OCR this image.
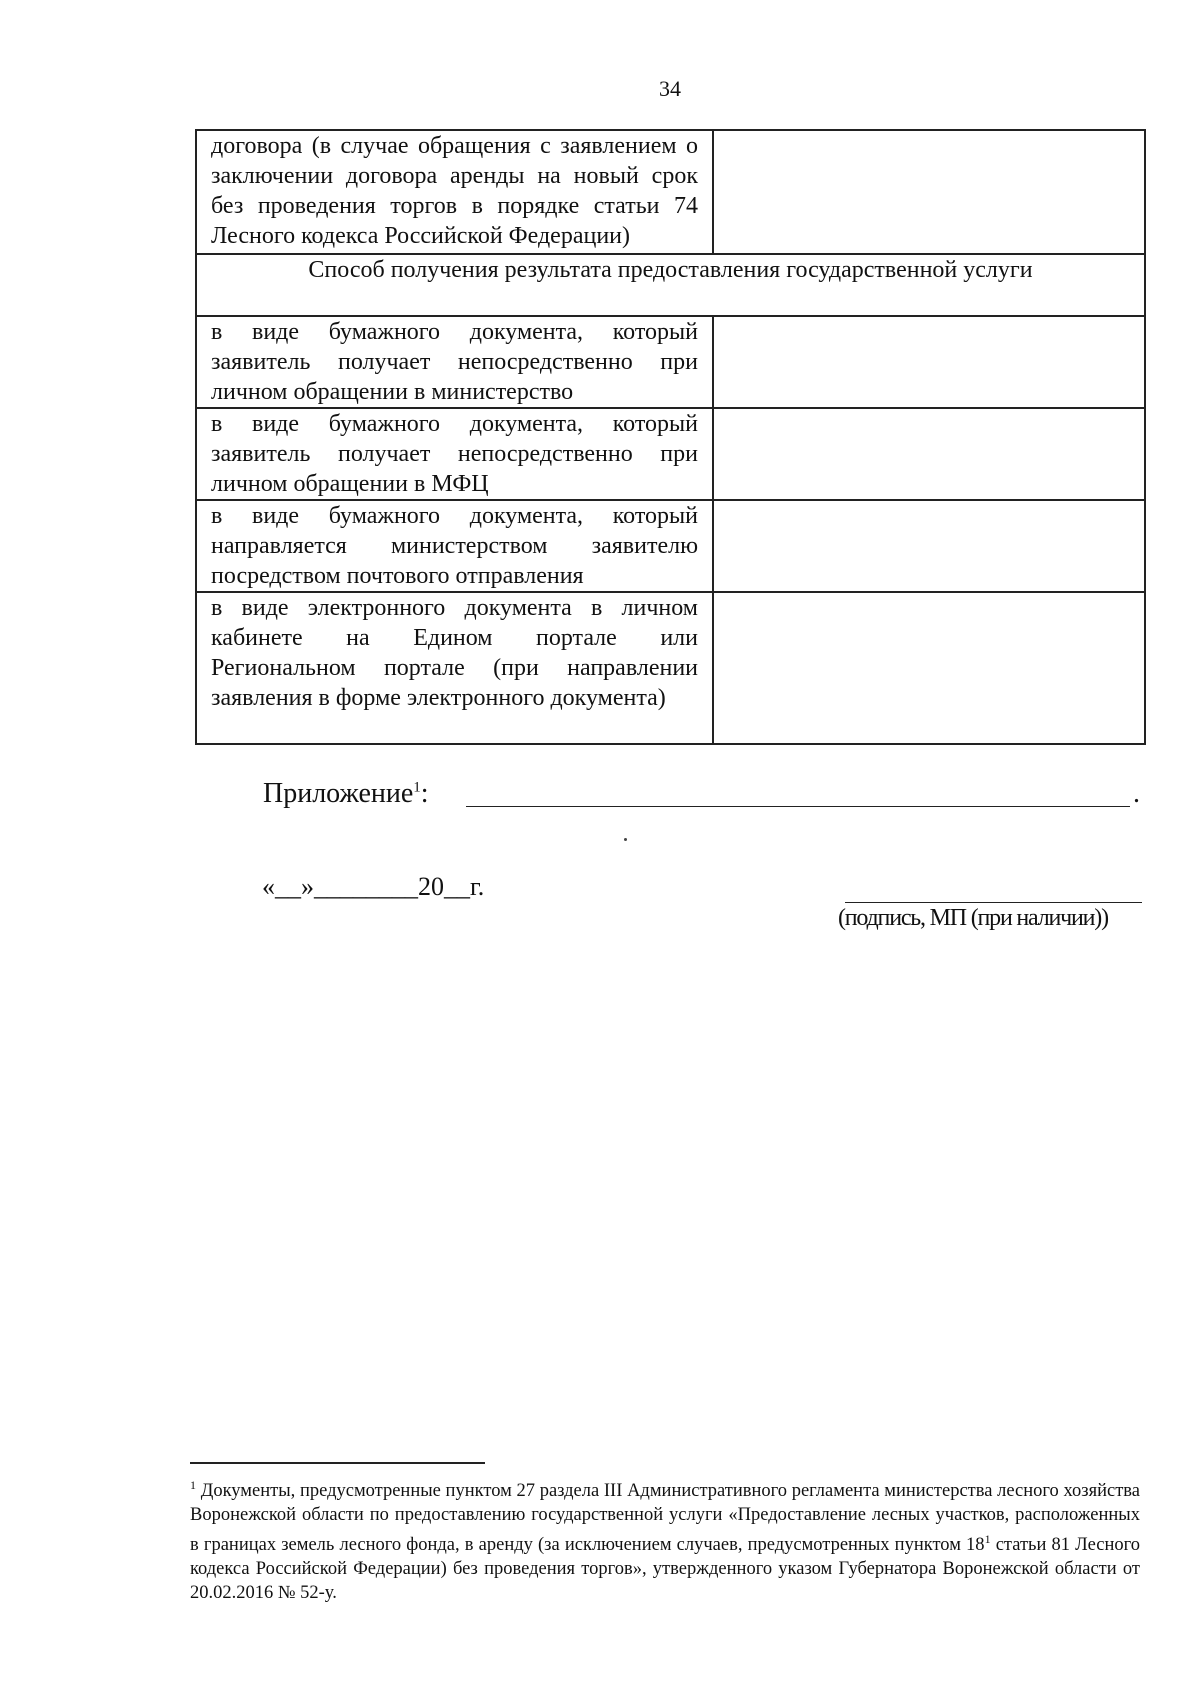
34
договора (в случае обращения с заявлением о заключении договора аренды на новый срок без проведения торгов в порядке статьи 74 Лесного кодекса Российской Федерации)	
Способ получения результата предоставления государственной услуги	
в виде бумажного документа, который заявитель получает непосредственно при личном обращении в министерство	
в виде бумажного документа, который заявитель получает непосредственно при личном обращении в МФЦ	
в виде бумажного документа, который направляется министерством заявителю посредством почтового отправления	
в виде электронного документа в личном кабинете на Едином портале или Региональном портале (при направлении заявления в форме электронного документа)	
Приложение$^1$:	.
«__»________20__г.
(подпись, МП (при наличии))
$^1$ Документы, предусмотренные пунктом 27 раздела III Административного регламента министерства лесного хозяйства Воронежской области по предоставлению государственной услуги «Предоставление лесных участков, расположенных в границах земель лесного фонда, в аренду (за исключением случаев, предусмотренных пунктом $18^1$ статьи 81 Лесного кодекса Российской Федерации) без проведения торгов», утвержденного указом Губернатора Воронежской области от 20.02.2016 № 52-у.
